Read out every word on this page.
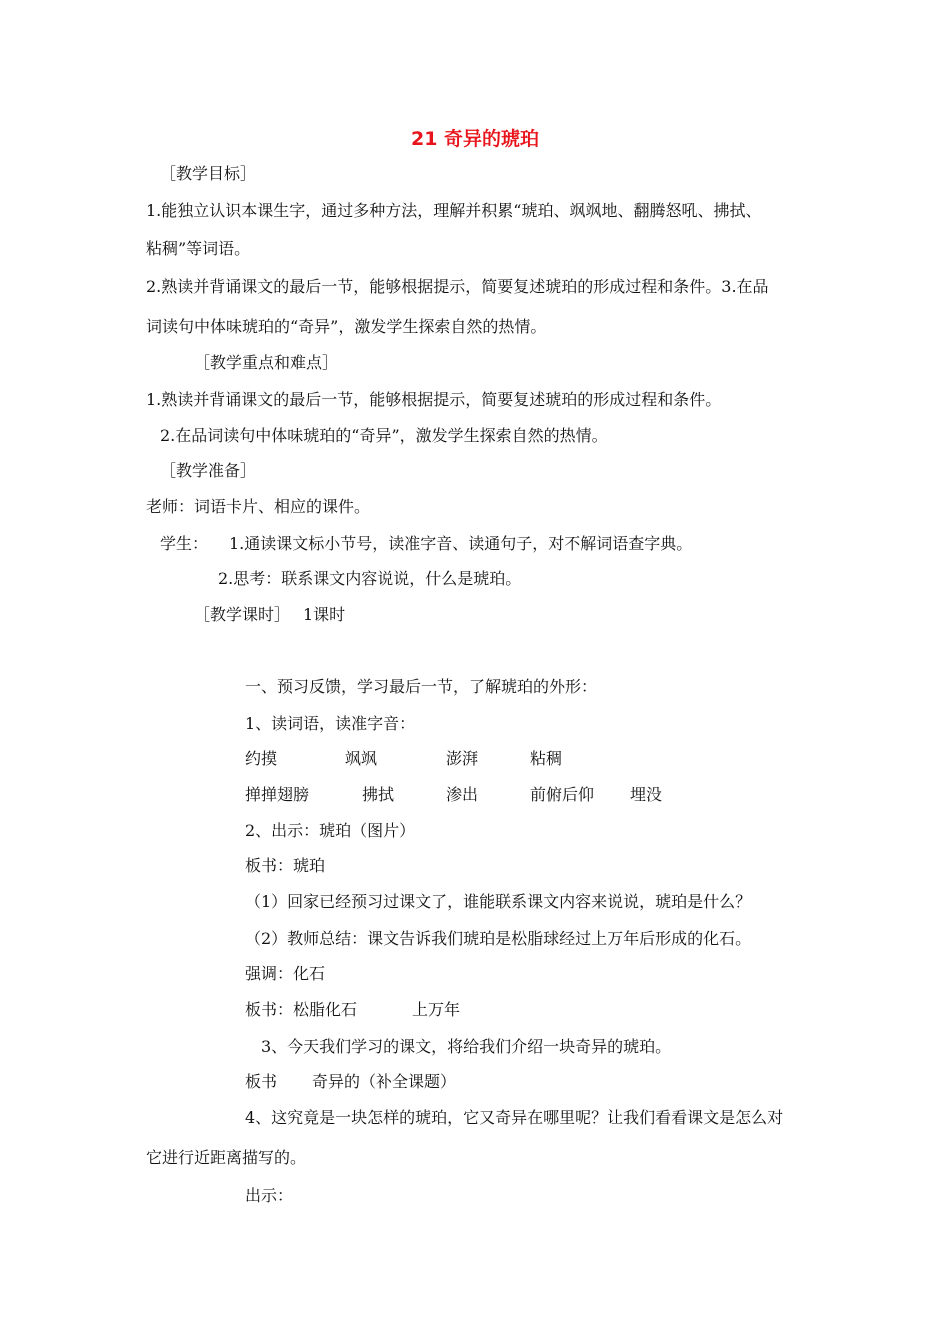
21 奇异的琥珀
［教学目标］
1.能独立认识本课生字，通过多种方法，理解并积累“琥珀、飒飒地、翻腾怒吼、拂拭、
粘稠”等词语。
2.熟读并背诵课文的最后一节，能够根据提示，简要复述琥珀的形成过程和条件。3.在品
词读句中体味琥珀的“奇异”，激发学生探索自然的热情。
［教学重点和难点］
1.熟读并背诵课文的最后一节，能够根据提示，简要复述琥珀的形成过程和条件。
2.在品词读句中体味琥珀的“奇异”，激发学生探索自然的热情。
［教学准备］
老师：词语卡片、相应的课件。
学生： 1.通读课文标小节号，读准字音、读通句子，对不解词语查字典。
2.思考：联系课文内容说说，什么是琥珀。
［教学课时］ 1课时
一、预习反馈，学习最后一节，了解琥珀的外形：
1、读词语，读准字音：
约摸	飒飒	澎湃	粘稠
掸掸翅膀	拂拭	渗出	前俯后仰 埋没
2、出示：琥珀（图片）
板书：琥珀
（1）回家已经预习过课文了，谁能联系课文内容来说说，琥珀是什么？
（2）教师总结：课文告诉我们琥珀是松脂球经过上万年后形成的化石。
强调：化石
板书：松脂化石	上万年
3、今天我们学习的课文，将给我们介绍一块奇异的琥珀。
板书 奇异的（补全课题）
4、这究竟是一块怎样的琥珀，它又奇异在哪里呢？让我们看看课文是怎么对
它进行近距离描写的。
出示：
